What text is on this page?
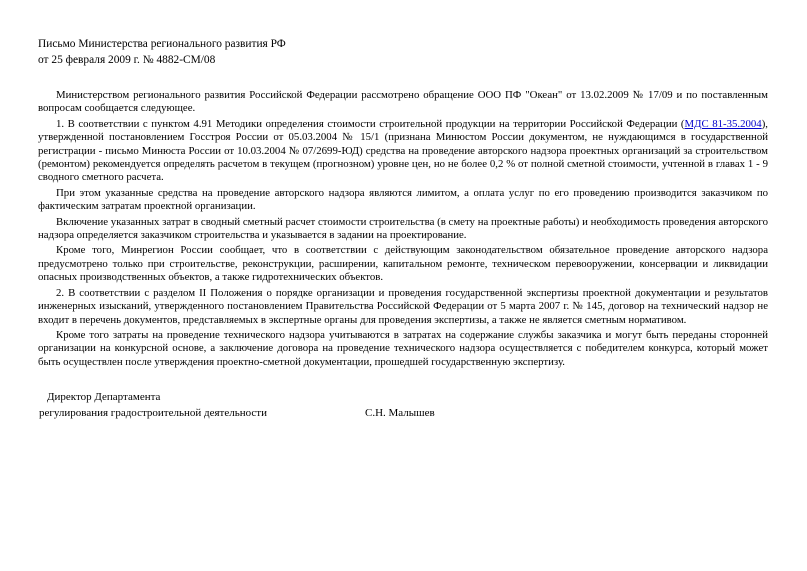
Письмо Министерства регионального развития РФ

от 25 февраля 2009 г. № 4882-СМ/08

Министерством регионального развития Российской Федерации рассмотрено обращение ООО ПФ "Океан" от 13.02.2009 № 17/09 и по поставленным вопросам сообщается следующее.

1. В соответствии с пунктом 4.91 Методики определения стоимости строительной продукции на территории Российской Федерации (МДС 81-35.2004), утвержденной постановлением Госстроя России от 05.03.2004 № 15/1 (признана Минюстом России документом, не нуждающимся в государственной регистрации - письмо Минюста России от 10.03.2004 № 07/2699-ЮД) средства на проведение авторского надзора проектных организаций за строительством (ремонтом) рекомендуется определять расчетом в текущем (прогнозном) уровне цен, но не более 0,2 % от полной сметной стоимости, учтенной в главах 1 - 9 сводного сметного расчета.

При этом указанные средства на проведение авторского надзора являются лимитом, а оплата услуг по его проведению производится заказчиком по фактическим затратам проектной организации.

Включение указанных затрат в сводный сметный расчет стоимости строительства (в смету на проектные работы) и необходимость проведения авторского надзора определяется заказчиком строительства и указывается в задании на проектирование.

Кроме того, Минрегион России сообщает, что в соответствии с действующим законодательством обязательное проведение авторского надзора предусмотрено только при строительстве, реконструкции, расширении, капитальном ремонте, техническом перевооружении, консервации и ликвидации опасных производственных объектов, а также гидротехнических объектов.

2. В соответствии с разделом II Положения о порядке организации и проведения государственной экспертизы проектной документации и результатов инженерных изысканий, утвержденного постановлением Правительства Российской Федерации от 5 марта 2007 г. № 145, договор на технический надзор не входит в перечень документов, представляемых в экспертные органы для проведения экспертизы, а также не является сметным нормативом.

Кроме того затраты на проведение технического надзора учитываются в затратах на содержание службы заказчика и могут быть переданы сторонней организации на конкурсной основе, а заключение договора на проведение технического надзора осуществляется с победителем конкурса, который может быть осуществлен после утверждения проектно-сметной документации, прошедшей государственную экспертизу.

Директор Департамента
регулирования градостроительной деятельности	С.Н. Малышев
